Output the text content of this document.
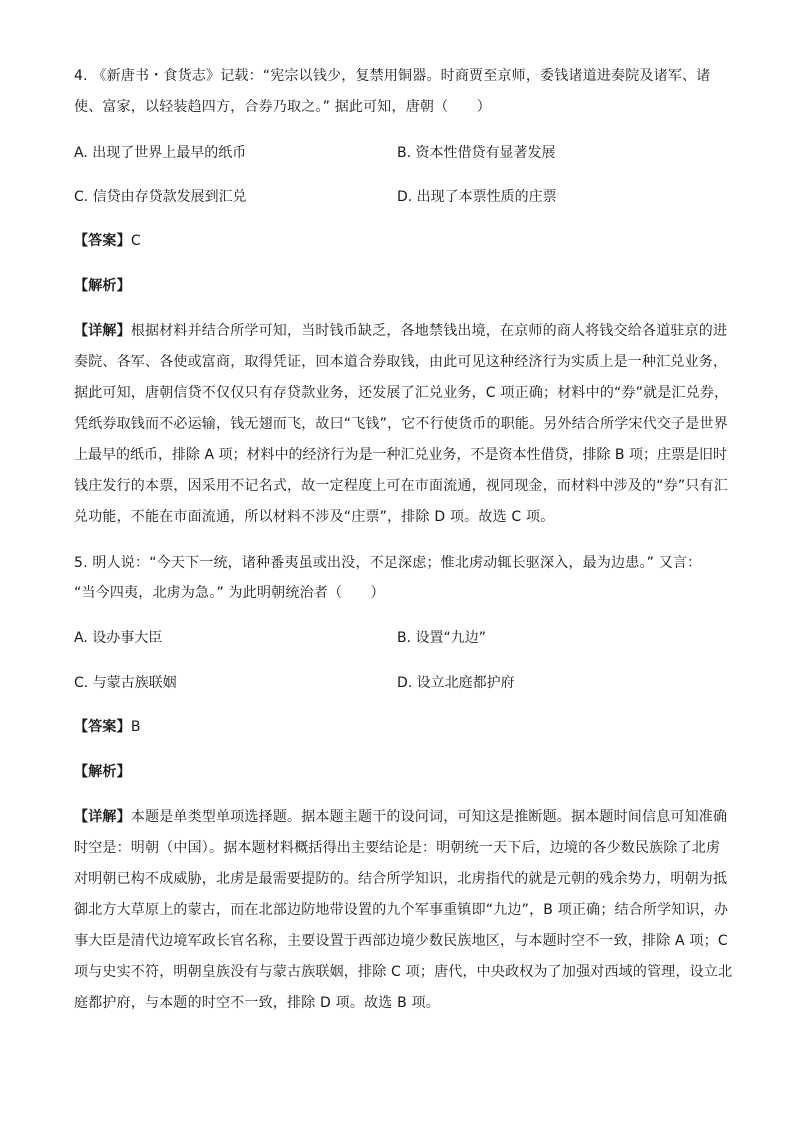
4. 《新唐书・食货志》记载：“宪宗以钱少，复禁用铜器。时商贾至京师，委钱诸道进奏院及诸军、诸
使、富家，以轻装趋四方，合券乃取之。” 据此可知，唐朝（　　）
A. 出现了世界上最早的纸币	B. 资本性借贷有显著发展
C. 信贷由存贷款发展到汇兑	D. 出现了本票性质的庄票
【答案】C
【解析】
【详解】根据材料并结合所学可知，当时钱币缺乏，各地禁钱出境，在京师的商人将钱交给各道驻京的进
奏院、各军、各使或富商，取得凭证，回本道合券取钱，由此可见这种经济行为实质上是一种汇兑业务，
据此可知，唐朝信贷不仅仅只有存贷款业务，还发展了汇兑业务，C 项正确；材料中的“券”就是汇兑券，
凭纸券取钱而不必运输，钱无翅而飞，故曰“飞钱”，它不行使货币的职能。另外结合所学宋代交子是世界
上最早的纸币，排除 A 项；材料中的经济行为是一种汇兑业务，不是资本性借贷，排除 B 项；庄票是旧时
钱庄发行的本票，因采用不记名式，故一定程度上可在市面流通，视同现金，而材料中涉及的“券”只有汇
兑功能，不能在市面流通，所以材料不涉及“庄票”，排除 D 项。故选 C 项。
5. 明人说：“今天下一统，诸种番夷虽或出没，不足深虑；惟北虏动辄长驱深入，最为边患。” 又言：
“当今四夷，北虏为急。” 为此明朝统治者（　　）
A. 设办事大臣	B. 设置“九边”
C. 与蒙古族联姻	D. 设立北庭都护府
【答案】B
【解析】
【详解】本题是单类型单项选择题。据本题主题干的设问词，可知这是推断题。据本题时间信息可知准确
时空是：明朝（中国）。据本题材料概括得出主要结论是：明朝统一天下后，边境的各少数民族除了北虏
对明朝已构不成威胁，北虏是最需要提防的。结合所学知识，北虏指代的就是元朝的残余势力，明朝为抵
御北方大草原上的蒙古，而在北部边防地带设置的九个军事重镇即“九边”，B 项正确；结合所学知识，办
事大臣是清代边境军政长官名称，主要设置于西部边境少数民族地区，与本题时空不一致，排除 A 项；C
项与史实不符，明朝皇族没有与蒙古族联姻，排除 C 项；唐代，中央政权为了加强对西域的管理，设立北
庭都护府，与本题的时空不一致，排除 D 项。故选 B 项。
